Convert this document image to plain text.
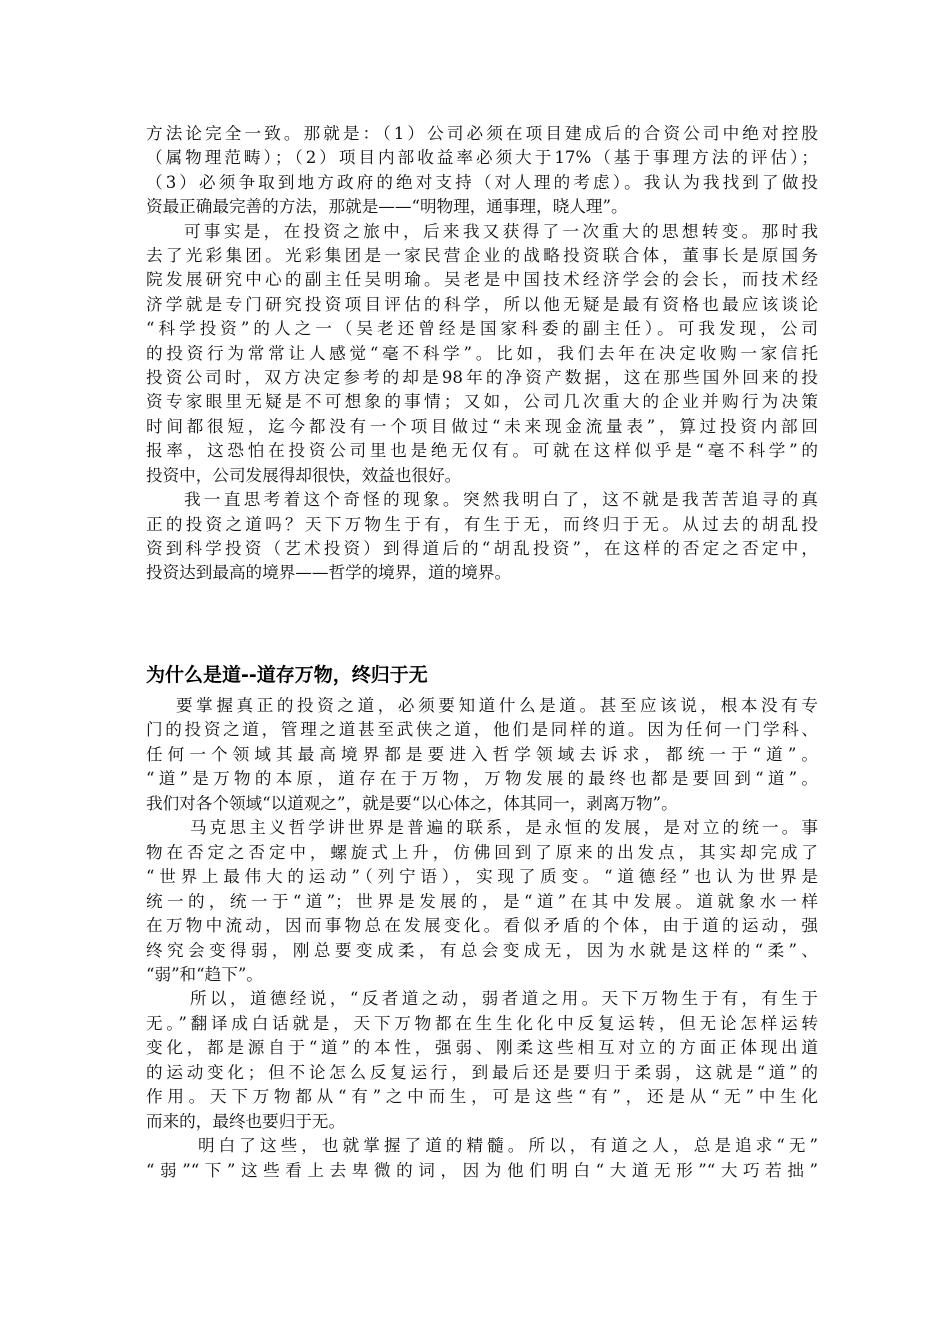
方法论完全一致。那就是：（1）公司必须在项目建成后的合资公司中绝对控股
（属物理范畴）；（2）项目内部收益率必须大于17%（基于事理方法的评估）；
（3）必须争取到地方政府的绝对支持（对人理的考虑）。我认为我找到了做投
资最正确最完善的方法，那就是——“明物理，通事理，晓人理”。
可事实是，在投资之旅中，后来我又获得了一次重大的思想转变。那时我
去了光彩集团。光彩集团是一家民营企业的战略投资联合体，董事长是原国务
院发展研究中心的副主任吴明瑜。吴老是中国技术经济学会的会长，而技术经
济学就是专门研究投资项目评估的科学，所以他无疑是最有资格也最应该谈论
“科学投资”的人之一（吴老还曾经是国家科委的副主任）。可我发现，公司
的投资行为常常让人感觉“毫不科学”。比如，我们去年在决定收购一家信托
投资公司时，双方决定参考的却是98年的净资产数据，这在那些国外回来的投
资专家眼里无疑是不可想象的事情；又如，公司几次重大的企业并购行为决策
时间都很短，迄今都没有一个项目做过“未来现金流量表”，算过投资内部回
报率，这恐怕在投资公司里也是绝无仅有。可就在这样似乎是“毫不科学”的
投资中，公司发展得却很快，效益也很好。
我一直思考着这个奇怪的现象。突然我明白了，这不就是我苦苦追寻的真
正的投资之道吗？天下万物生于有，有生于无，而终归于无。从过去的胡乱投
资到科学投资（艺术投资）到得道后的“胡乱投资”，在这样的否定之否定中，
投资达到最高的境界——哲学的境界，道的境界。
为什么是道--道存万物，终归于无
要掌握真正的投资之道，必须要知道什么是道。甚至应该说，根本没有专
门的投资之道，管理之道甚至武侠之道，他们是同样的道。因为任何一门学科、
任何一个领域其最高境界都是要进入哲学领域去诉求，都统一于“道”。
“道”是万物的本原，道存在于万物，万物发展的最终也都是要回到“道”。
我们对各个领域“以道观之”，就是要“以心体之，体其同一，剥离万物”。
马克思主义哲学讲世界是普遍的联系，是永恒的发展，是对立的统一。事
物在否定之否定中，螺旋式上升，仿佛回到了原来的出发点，其实却完成了
“世界上最伟大的运动”（列宁语），实现了质变。“道德经”也认为世界是
统一的，统一于“道”；世界是发展的，是“道”在其中发展。道就象水一样
在万物中流动，因而事物总在发展变化。看似矛盾的个体，由于道的运动，强
终究会变得弱，刚总要变成柔，有总会变成无，因为水就是这样的“柔”、
“弱”和“趋下”。
所以，道德经说，“反者道之动，弱者道之用。天下万物生于有，有生于
无。”翻译成白话就是，天下万物都在生生化化中反复运转，但无论怎样运转
变化，都是源自于“道”的本性，强弱、刚柔这些相互对立的方面正体现出道
的运动变化；但不论怎么反复运行，到最后还是要归于柔弱，这就是“道”的
作用。天下万物都从“有”之中而生，可是这些“有”，还是从“无”中生化
而来的，最终也要归于无。
明白了这些，也就掌握了道的精髓。所以，有道之人，总是追求“无”
“弱”“下”这些看上去卑微的词，因为他们明白“大道无形”“大巧若拙”
